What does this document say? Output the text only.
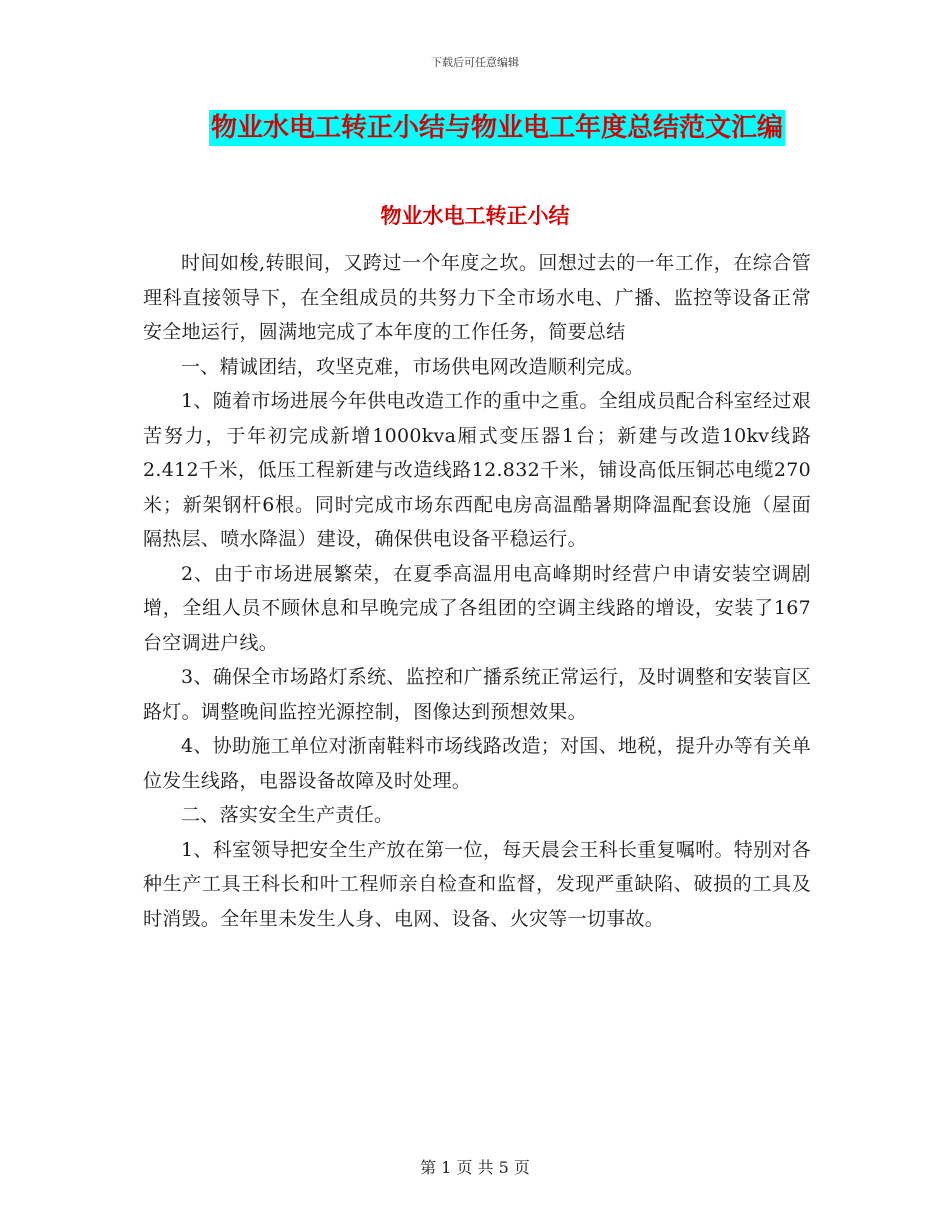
下载后可任意编辑
物业水电工转正小结与物业电工年度总结范文汇编
物业水电工转正小结

时间如梭,转眼间，又跨过一个年度之坎。回想过去的一年工作，在综合管理科直接领导下，在全组成员的共努力下全市场水电、广播、监控等设备正常安全地运行，圆满地完成了本年度的工作任务，简要总结

一、精诚团结，攻坚克难，市场供电网改造顺利完成。

1、随着市场进展今年供电改造工作的重中之重。全组成员配合科室经过艰苦努力，于年初完成新增1000kva厢式变压器1台；新建与改造10kv线路2.412千米，低压工程新建与改造线路12.832千米，铺设高低压铜芯电缆270米；新架钢杆6根。同时完成市场东西配电房高温酷暑期降温配套设施（屋面隔热层、喷水降温）建设，确保供电设备平稳运行。

2、由于市场进展繁荣，在夏季高温用电高峰期时经营户申请安装空调剧增，全组人员不顾休息和早晚完成了各组团的空调主线路的增设，安装了167台空调进户线。

3、确保全市场路灯系统、监控和广播系统正常运行，及时调整和安装盲区路灯。调整晚间监控光源控制，图像达到预想效果。

4、协助施工单位对浙南鞋料市场线路改造；对国、地税，提升办等有关单位发生线路，电器设备故障及时处理。

二、落实安全生产责任。

1、科室领导把安全生产放在第一位，每天晨会王科长重复嘱咐。特别对各种生产工具王科长和叶工程师亲自检查和监督，发现严重缺陷、破损的工具及时消毁。全年里未发生人身、电网、设备、火灾等一切事故。

第 1 页 共 5 页
